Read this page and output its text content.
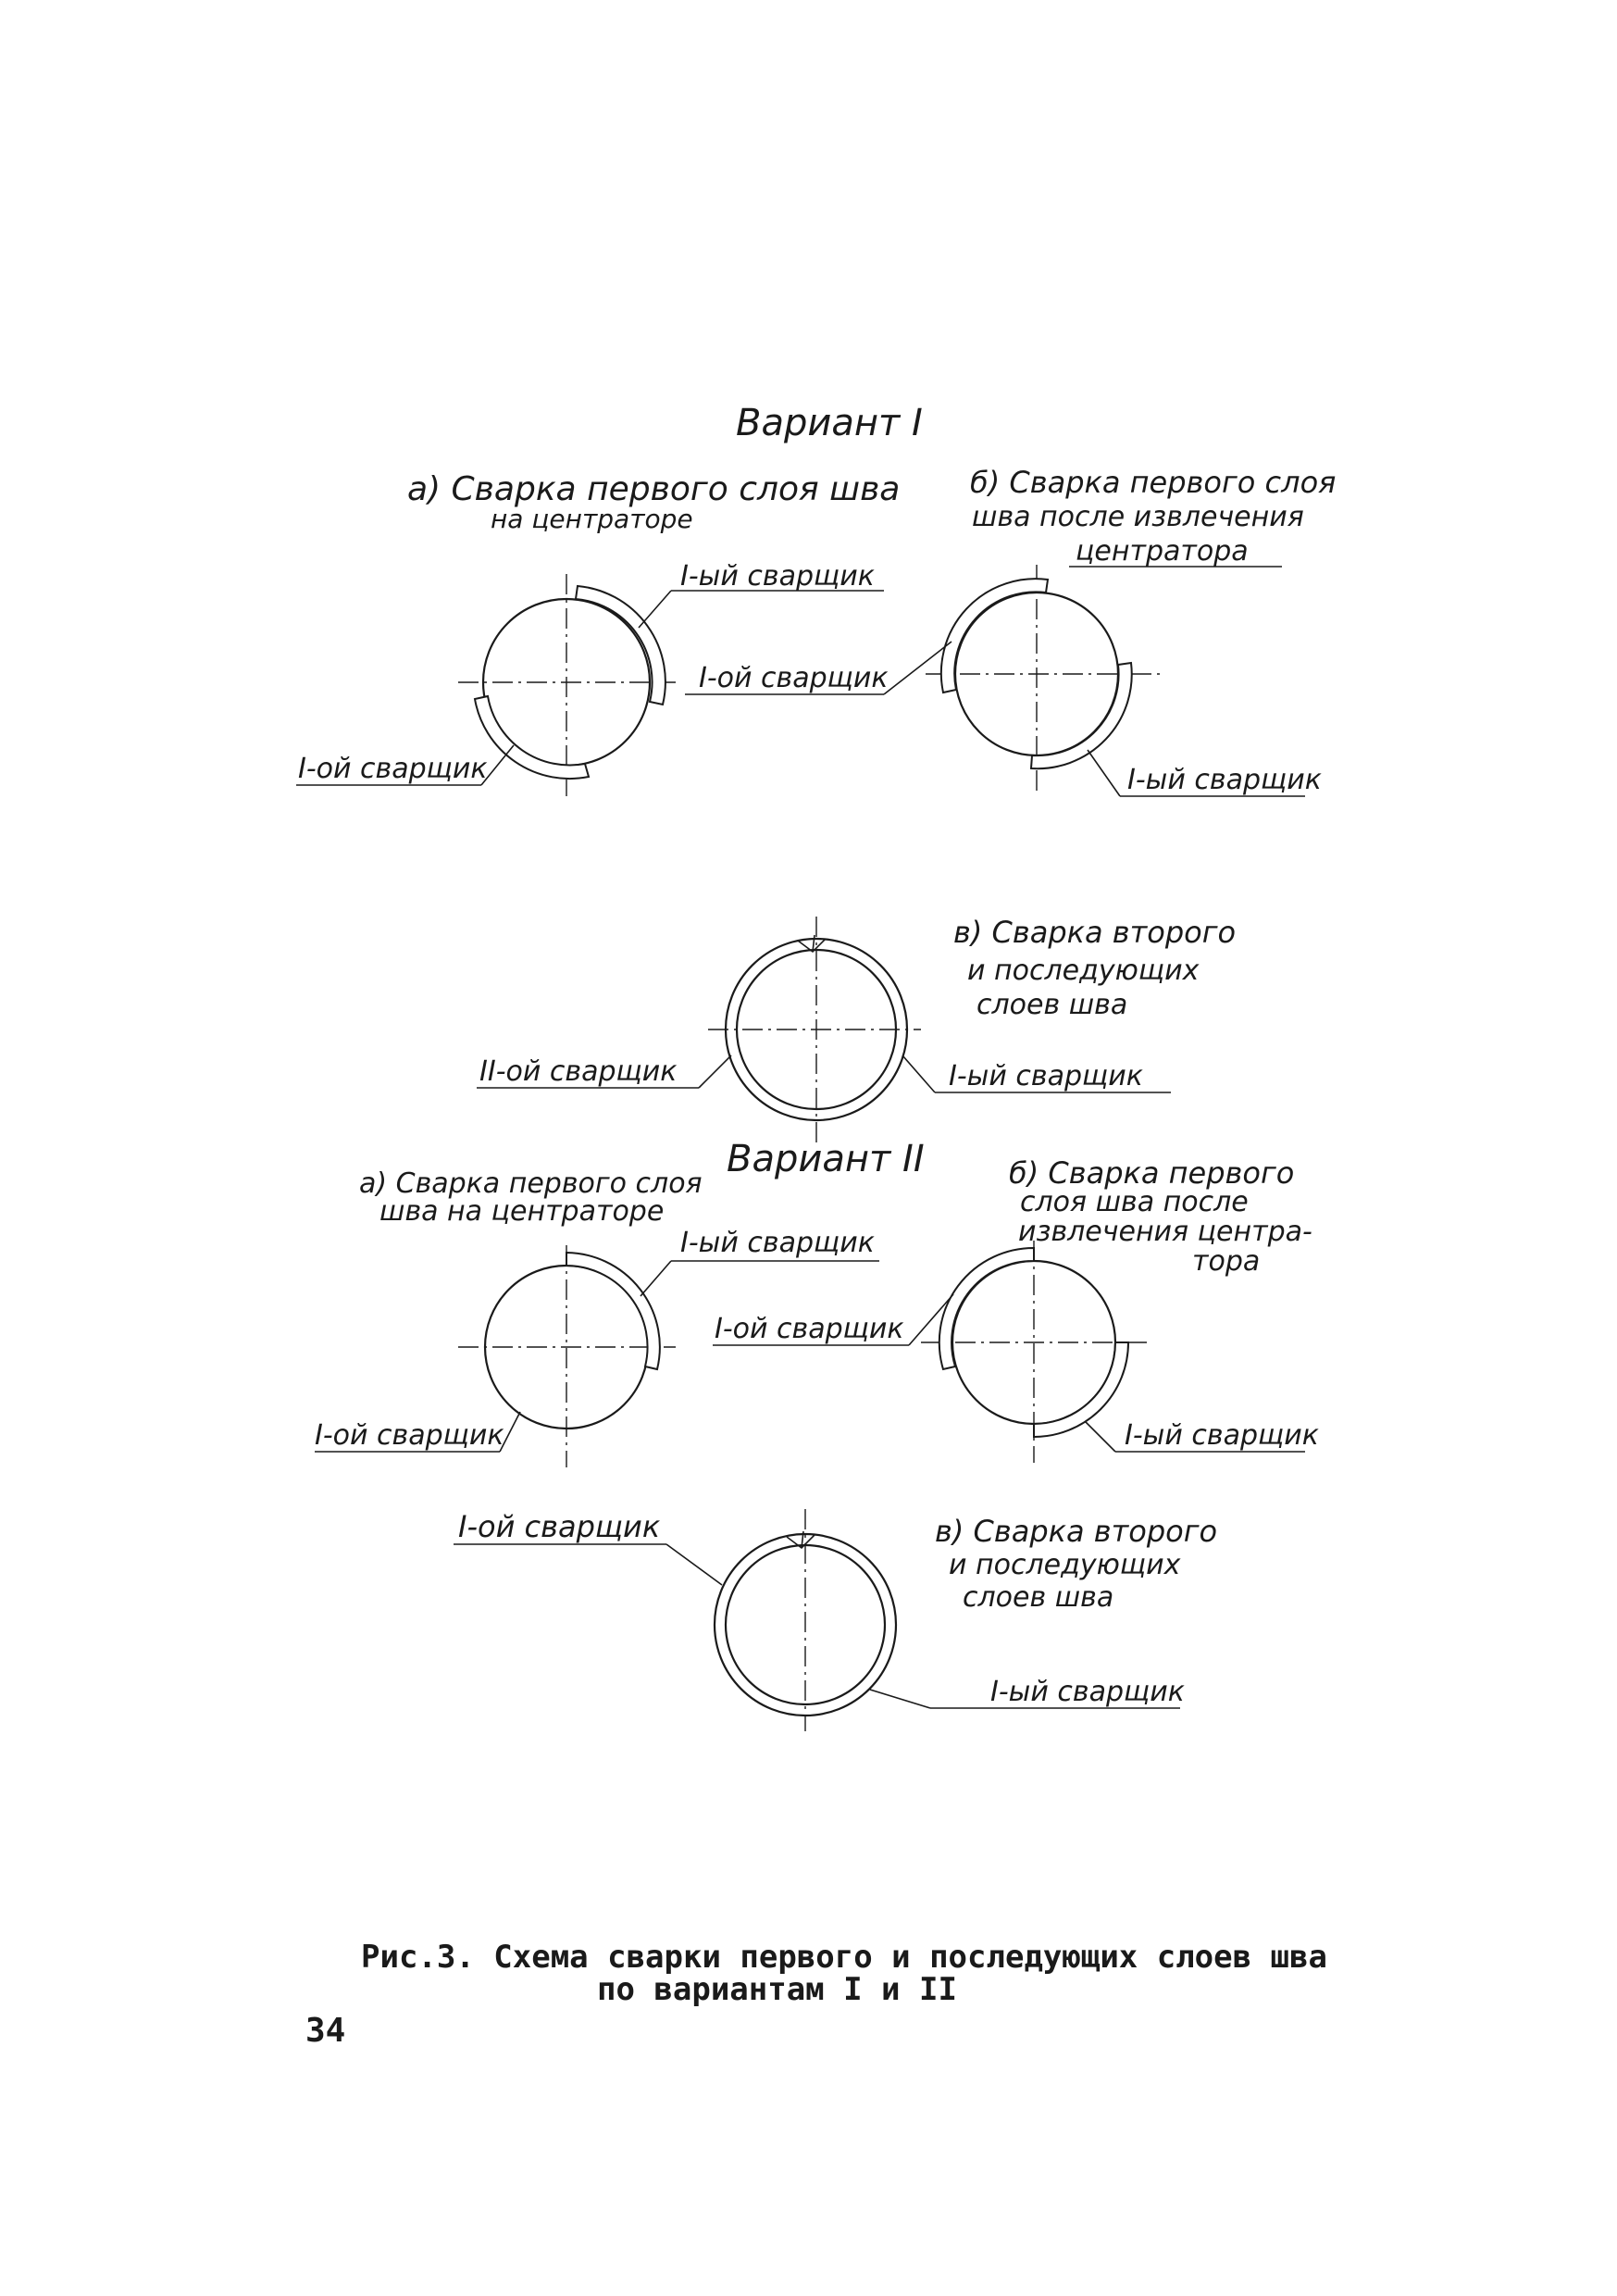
Вариант I
а) Сварка первого слоя шва
на центраторе
I-ый сварщик
I-ой сварщик
б) Сварка первого слоя
шва после извлечения
центратора
I-ой сварщик
I-ый сварщик
в) Сварка второго
и последующих
слоев шва
II-ой сварщик	I-ый сварщик
Вариант II
а) Сварка первого слоя
шва на центраторе
I-ый сварщик
I-ой сварщик
б) Сварка первого
слоя шва после
извлечения центра-
тора
I-ой сварщик
I-ый сварщик
в) Сварка второго
и последующих
слоев шва
I-ой сварщик
I-ый сварщик
Рис.3. Схема сварки первого и последующих слоев шва
по вариантам I и II
34
